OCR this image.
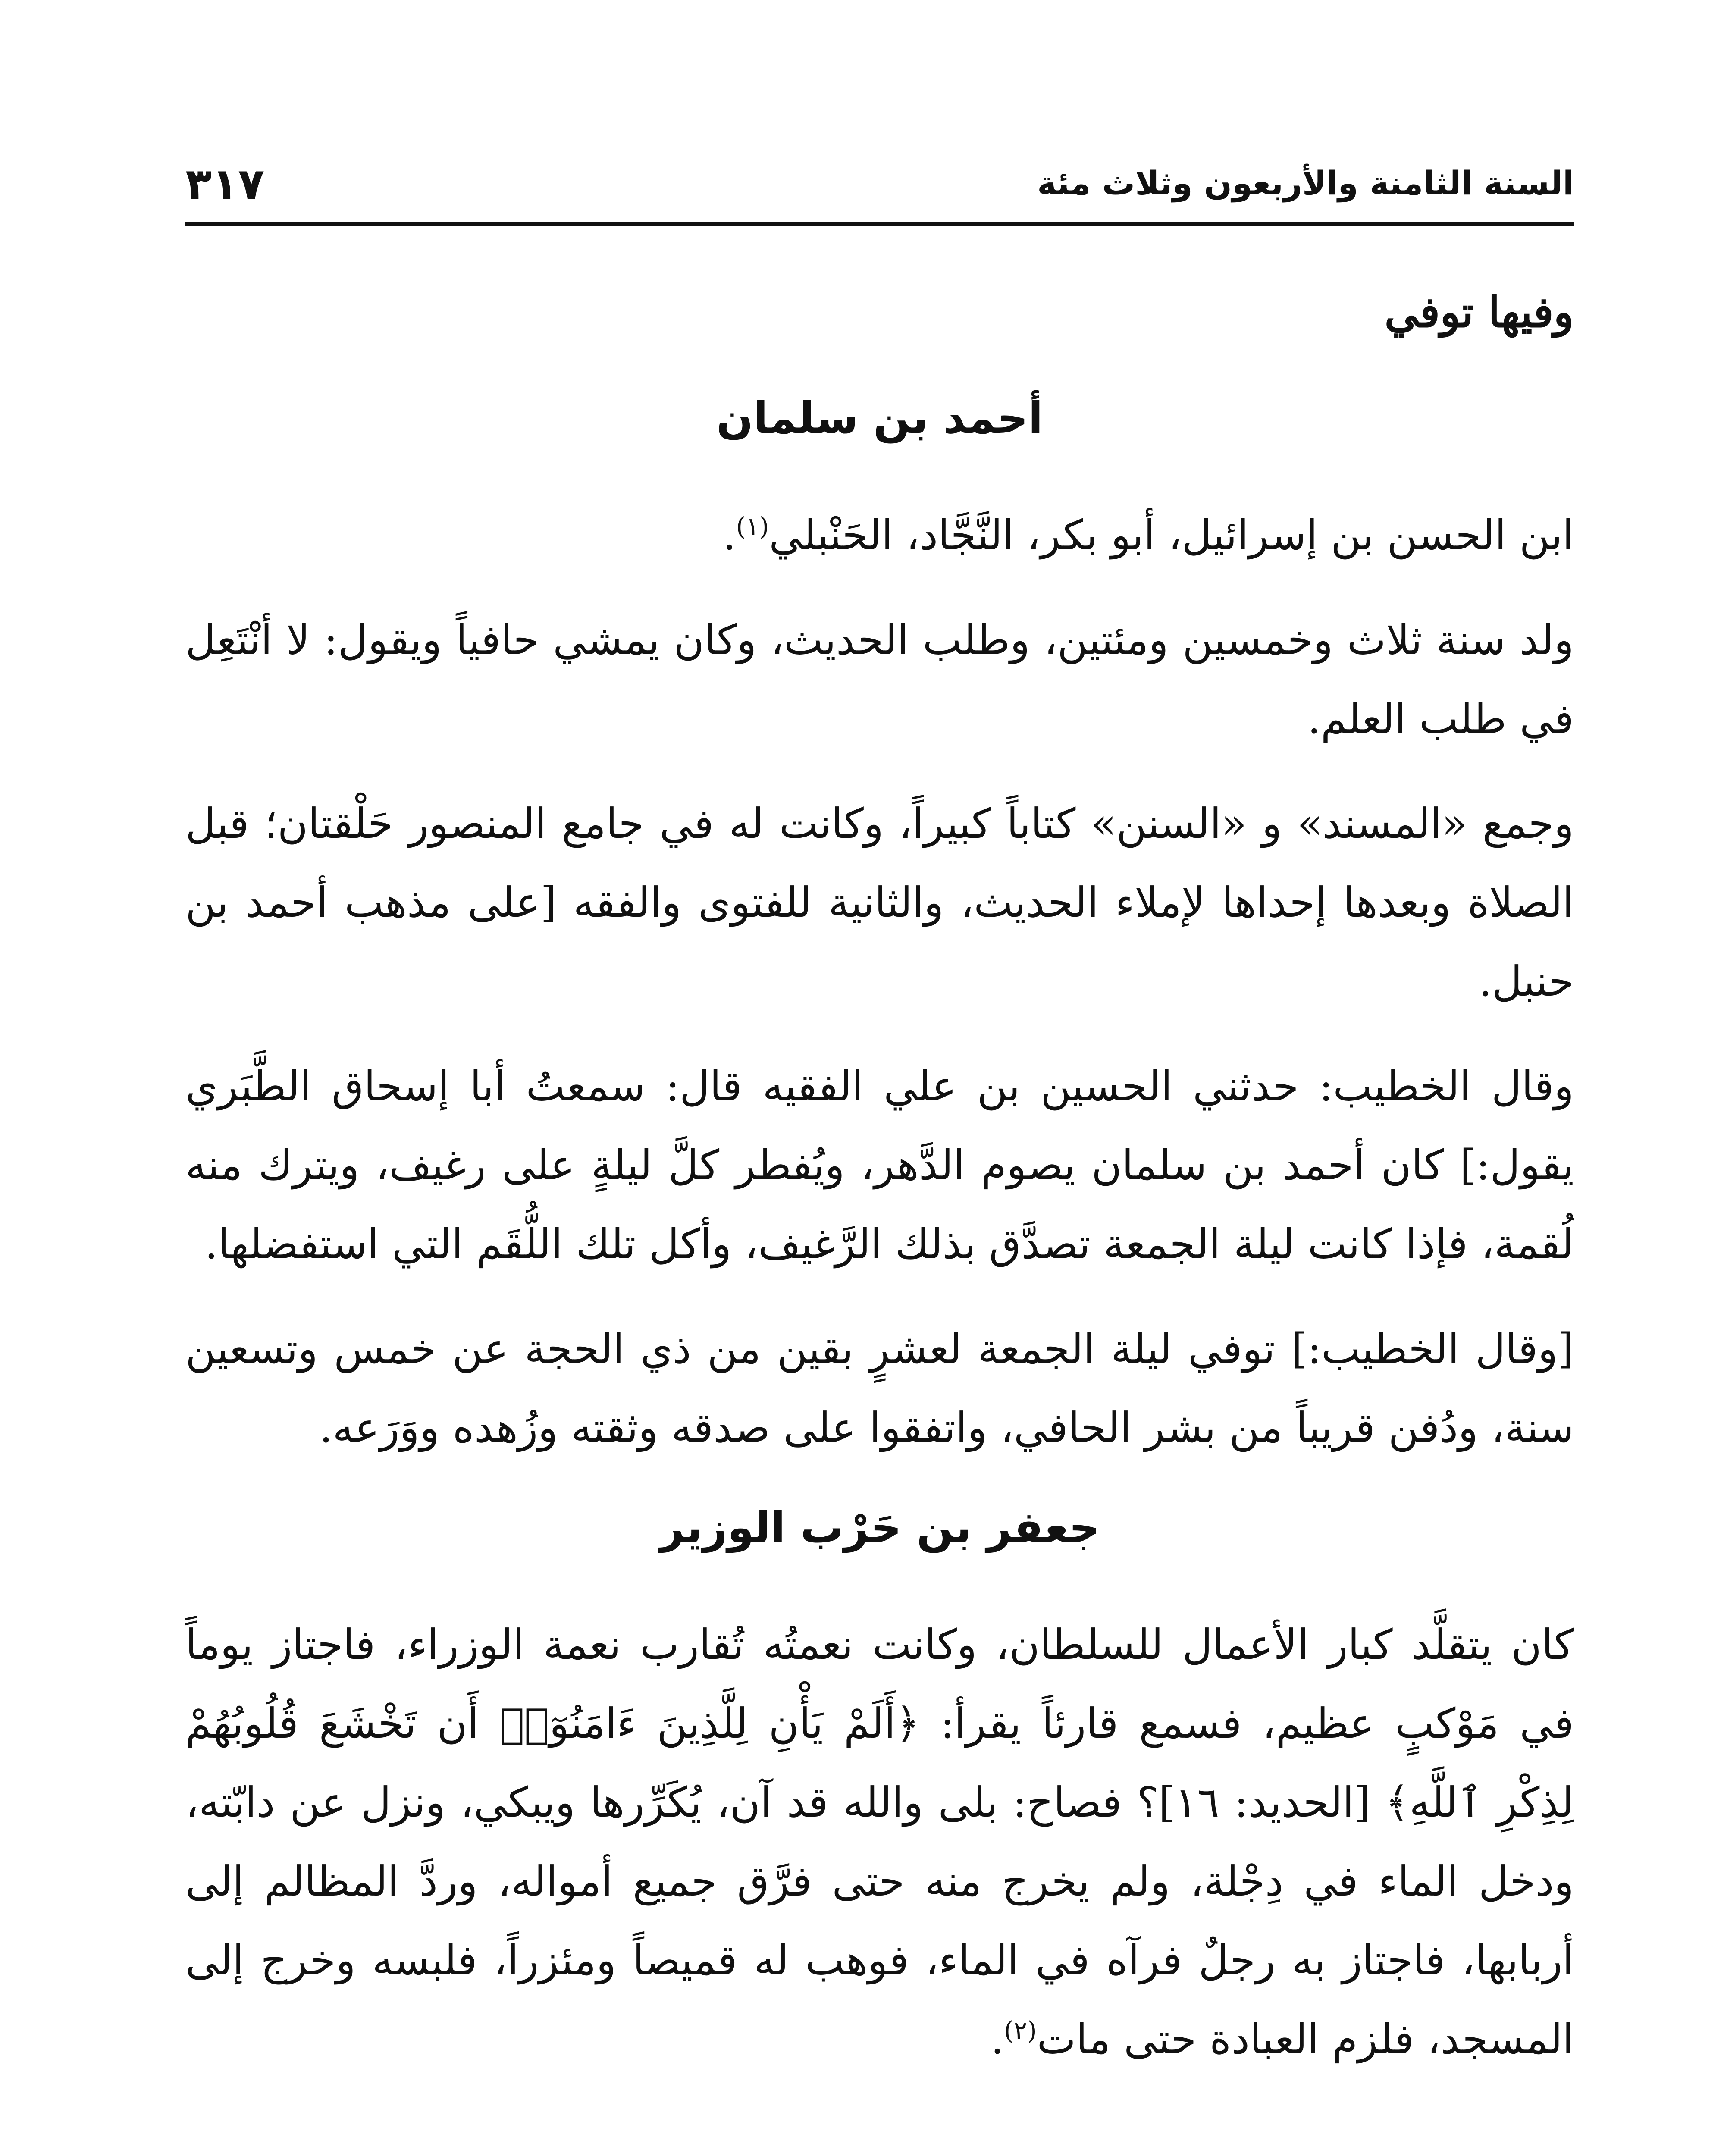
السنة الثامنة والأربعون وثلاث مئة
٣١٧

وفيها توفي

أحمد بن سلمان

ابن الحسن بن إسرائيل، أبو بكر، النَّجَّاد، الحَنْبلي$^{(١)}$.

ولد سنة ثلاث وخمسين ومئتين، وطلب الحديث، وكان يمشي حافياً ويقول: لا أنْتَعِل في طلب العلم.

وجمع «المسند» و «السنن» كتاباً كبيراً، وكانت له في جامع المنصور حَلْقتان؛ قبل الصلاة وبعدها إحداها لإملاء الحديث، والثانية للفتوى والفقه [على مذهب أحمد بن حنبل.

وقال الخطيب: حدثني الحسين بن علي الفقيه قال: سمعتُ أبا إسحاق الطَّبَري يقول:] كان أحمد بن سلمان يصوم الدَّهر، ويُفطر كلَّ ليلةٍ على رغيف، ويترك منه لُقمة، فإذا كانت ليلة الجمعة تصدَّق بذلك الرَّغيف، وأكل تلك اللُّقَم التي استفضلها.

[وقال الخطيب:] توفي ليلة الجمعة لعشرٍ بقين من ذي الحجة عن خمس وتسعين سنة، ودُفن قريباً من بشر الحافي، واتفقوا على صدقه وثقته وزُهده ووَرَعه.

جعفر بن حَرْب الوزير

كان يتقلَّد كبار الأعمال للسلطان، وكانت نعمتُه تُقارب نعمة الوزراء، فاجتاز يوماً في مَوْكبٍ عظيم، فسمع قارئاً يقرأ: ﴿أَلَمْ يَأْنِ لِلَّذِينَ ءَامَنُوٓا۟ أَن تَخْشَعَ قُلُوبُهُمْ لِذِكْرِ ٱللَّهِ﴾ [الحديد: ١٦]؟ فصاح: بلى والله قد آن، يُكَرِّرها ويبكي، ونزل عن دابّته، ودخل الماء في دِجْلة، ولم يخرج منه حتى فرَّق جميع أمواله، وردَّ المظالم إلى أربابها، فاجتاز به رجلٌ فرآه في الماء، فوهب له قميصاً ومئزراً، فلبسه وخرج إلى المسجد، فلزم العبادة حتى مات$^{(٢)}$.
